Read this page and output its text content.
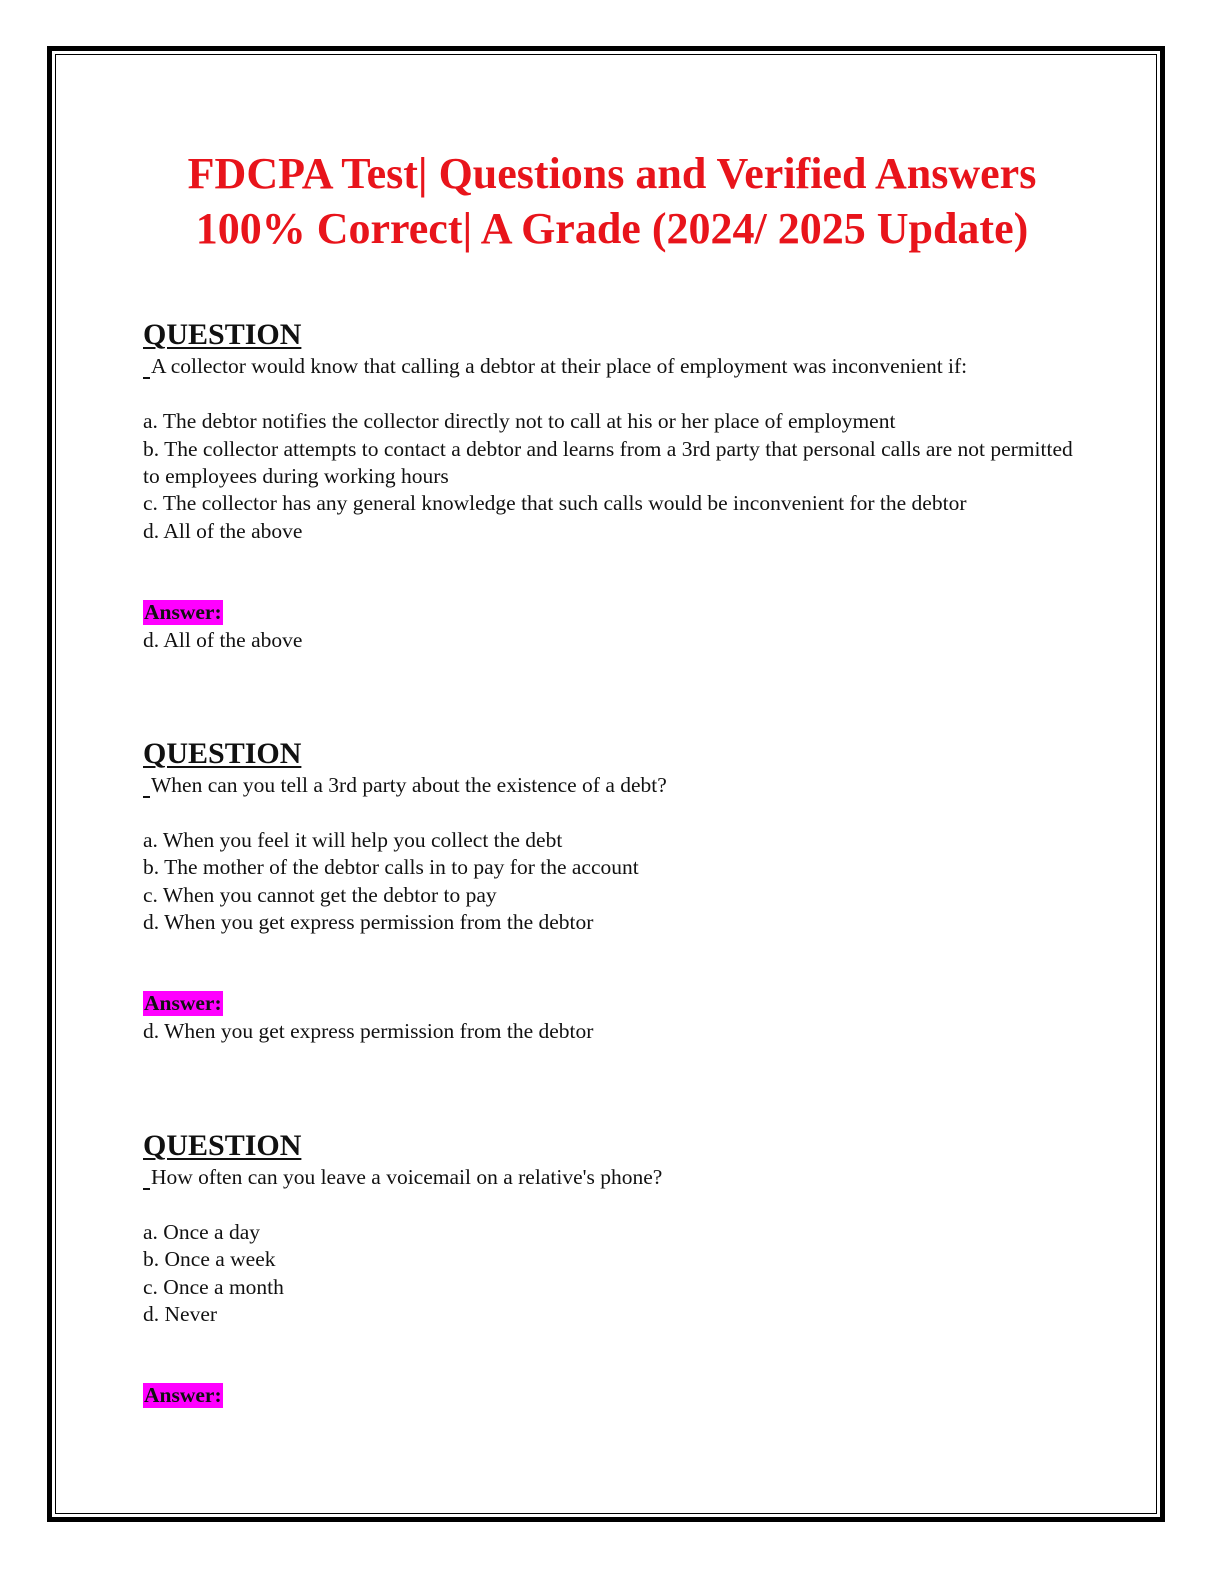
FDCPA Test| Questions and Verified Answers
100% Correct| A Grade (2024/ 2025 Update)
QUESTION

A collector would know that calling a debtor at their place of employment was inconvenient if:

a. The debtor notifies the collector directly not to call at his or her place of employment

b. The collector attempts to contact a debtor and learns from a 3rd party that personal calls are not permitted to employees during working hours

c. The collector has any general knowledge that such calls would be inconvenient for the debtor

d. All of the above

Answer:

d. All of the above

QUESTION

When can you tell a 3rd party about the existence of a debt?

a. When you feel it will help you collect the debt

b. The mother of the debtor calls in to pay for the account

c. When you cannot get the debtor to pay

d. When you get express permission from the debtor

Answer:

d. When you get express permission from the debtor

QUESTION

How often can you leave a voicemail on a relative's phone?

a. Once a day

b. Once a week

c. Once a month

d. Never

Answer:
